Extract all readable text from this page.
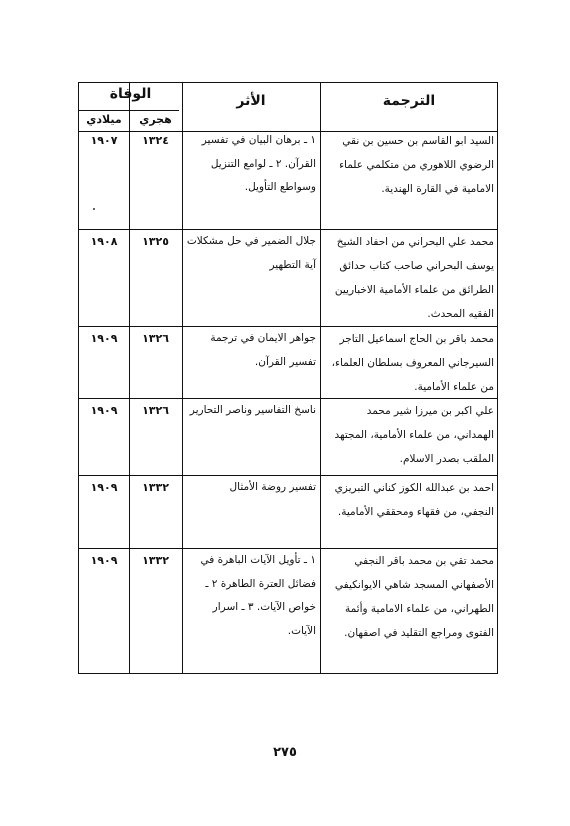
الترجمة
الأثر
الوفاة
هجري
ميلادي
السيد ابو القاسم بن حسين بن نقي الرضوي اللاهوري من متكلمي علماء الامامية في القارة الهندية.
١ ـ برهان البيان في تفسير القرآن. ٢ ـ لوامع التنزيل وسواطع التأويل.
١٣٢٤
١٩٠٧
محمد علي البحراني من احفاد الشيخ يوسف البحراني صاحب كتاب حدائق الطرائق من علماء الأمامية الاخباريين الفقيه المحدث.
جلال الضمير في حل مشكلات آية التطهير
١٣٢٥
١٩٠٨
محمد باقر بن الحاج اسماعيل التاجر السيرجاني المعروف بسلطان العلماء، من علماء الأمامية.
جواهر الايمان في ترجمة تفسير القرآن.
١٣٢٦
١٩٠٩
علي اكبر بن ميرزا شير محمد الهمداني، من علماء الأمامية، المجتهد الملقب بصدر الاسلام.
ناسخ التفاسير وناصر التحارير
١٣٢٦
١٩٠٩
احمد بن عبدالله الكوز كناني التبريزي النجفي، من فقهاء ومحققي الأمامية.
تفسير روضة الأمثال
١٣٣٢
١٩٠٩
محمد تقي بن محمد باقر النجفي الأصفهاني المسجد شاهي الايوانكيفي الطهراني، من علماء الامامية وأئمة الفتوى ومراجع التقليد في اصفهان.
١ ـ تأويل الآيات الباهرة في فضائل العترة الطاهرة ٢ ـ خواص الآيات. ٣ ـ اسرار الآيات.
١٣٣٢
١٩٠٩
٢٧٥
